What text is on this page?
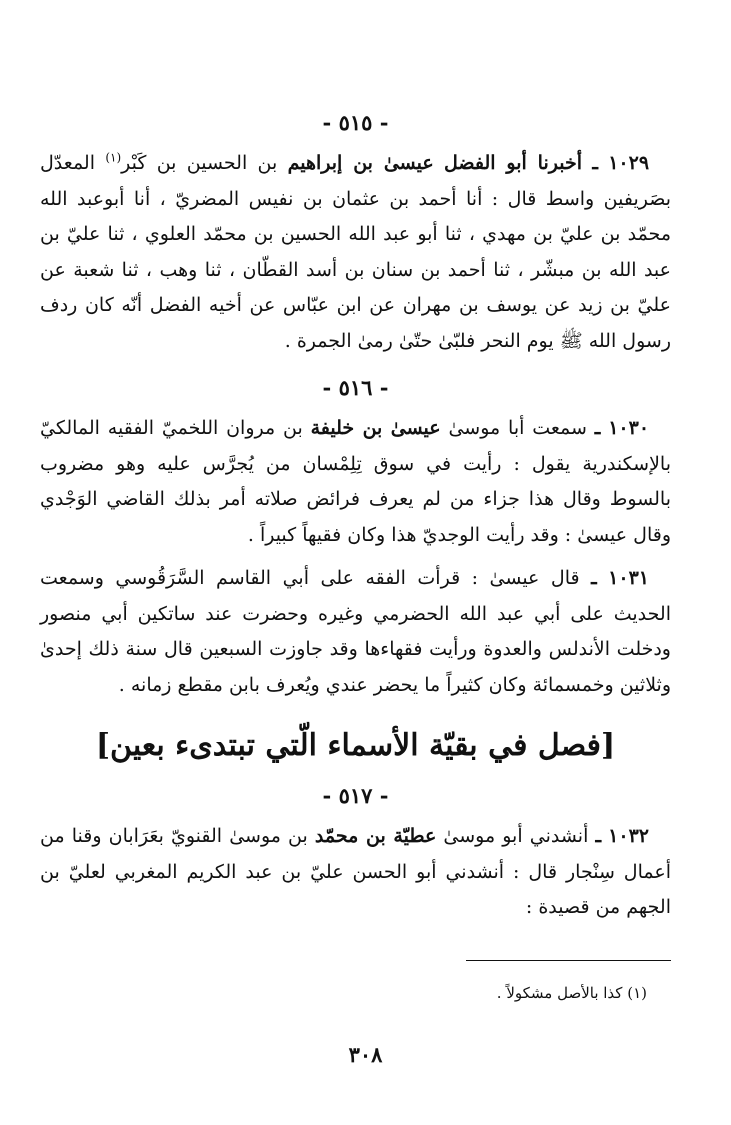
- ٥١٥ -

١٠٢٩ ـ أخبرنا أبو الفضل عيسىٰ بن إبراهيم بن الحسين بن كَبْر$^{(١)}$ المعدّل بصَريفين واسط قال : أنا أحمد بن عثمان بن نفيس المضريّ ، أنا أبوعبد الله محمّد بن عليّ بن مهدي ، ثنا أبو عبد الله الحسين بن محمّد العلوي ، ثنا عليّ بن عبد الله بن مبشّر ، ثنا أحمد بن سنان بن أسد القطّان ، ثنا وهب ، ثنا شعبة عن عليّ بن زيد عن يوسف بن مهران عن ابن عبّاس عن أخيه الفضل أنّه كان ردف رسول الله ﷺ يوم النحر فلبّىٰ حتّىٰ رمىٰ الجمرة .

- ٥١٦ -

١٠٣٠ ـ سمعت أبا موسىٰ عيسىٰ بن خليفة بن مروان اللخميّ الفقيه المالكيّ بالإسكندرية يقول : رأيت في سوق تِلِمْسان من يُجرَّس عليه وهو مضروب بالسوط وقال هذا جزاء من لم يعرف فرائض صلاته أمر بذلك القاضي الوَجْدي وقال عيسىٰ : وقد رأيت الوجديّ هذا وكان فقيهاً كبيراً .

١٠٣١ ـ قال عيسىٰ : قرأت الفقه على أبي القاسم السَّرَقُوسي وسمعت الحديث على أبي عبد الله الحضرمي وغيره وحضرت عند ساتكين أبي منصور ودخلت الأندلس والعدوة ورأيت فقهاءها وقد جاوزت السبعين قال سنة ذلك إحدىٰ وثلاثين وخمسمائة وكان كثيراً ما يحضر عندي ويُعرف بابن مقطع زمانه .

[فصل في بقيّة الأسماء الّتي تبتدىء بعين]
- ٥١٧ -

١٠٣٢ ـ أنشدني أبو موسىٰ عطيّة بن محمّد بن موسىٰ القنويّ بعَرَابان وقنا من أعمال سِنْجار قال : أنشدني أبو الحسن عليّ بن عبد الكريم المغربي لعليّ بن الجهم من قصيدة :

(١) كذا بالأصل مشكولاً .

٣٠٨
